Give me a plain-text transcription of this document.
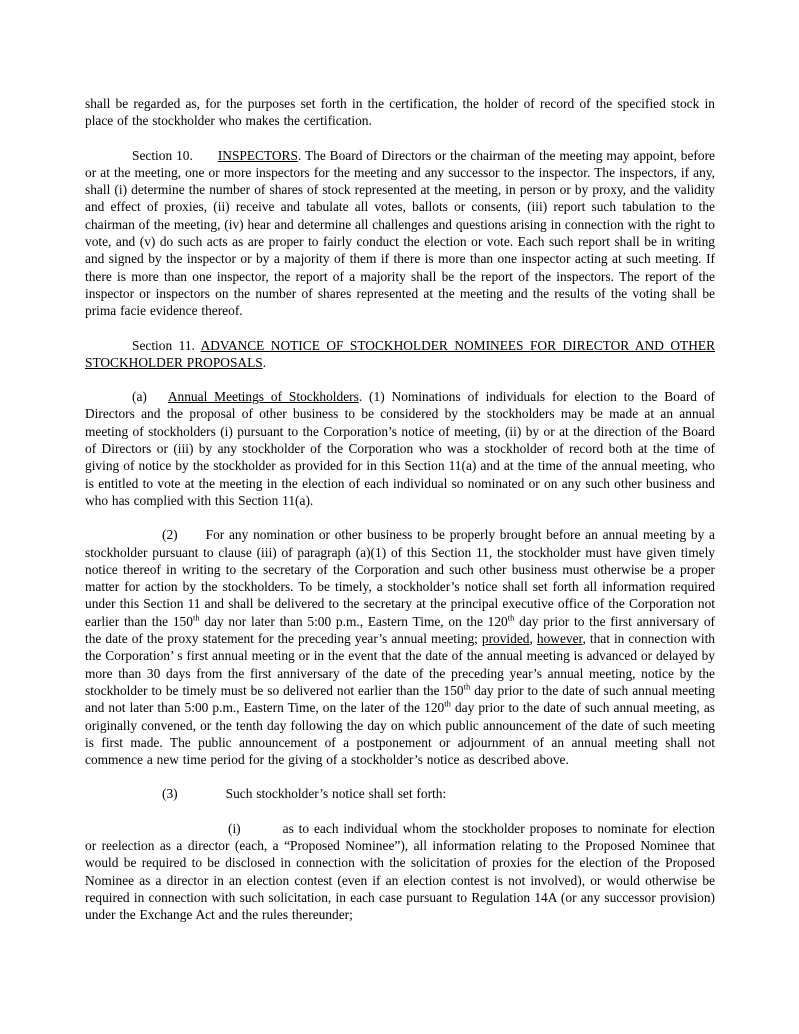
shall be regarded as, for the purposes set forth in the certification, the holder of record of the specified stock in place of the stockholder who makes the certification.

Section 10. INSPECTORS. The Board of Directors or the chairman of the meeting may appoint, before or at the meeting, one or more inspectors for the meeting and any successor to the inspector. The inspectors, if any, shall (i) determine the number of shares of stock represented at the meeting, in person or by proxy, and the validity and effect of proxies, (ii) receive and tabulate all votes, ballots or consents, (iii) report such tabulation to the chairman of the meeting, (iv) hear and determine all challenges and questions arising in connection with the right to vote, and (v) do such acts as are proper to fairly conduct the election or vote. Each such report shall be in writing and signed by the inspector or by a majority of them if there is more than one inspector acting at such meeting. If there is more than one inspector, the report of a majority shall be the report of the inspectors. The report of the inspector or inspectors on the number of shares represented at the meeting and the results of the voting shall be prima facie evidence thereof.

Section 11. ADVANCE NOTICE OF STOCKHOLDER NOMINEES FOR DIRECTOR AND OTHER STOCKHOLDER PROPOSALS.

(a) Annual Meetings of Stockholders. (1) Nominations of individuals for election to the Board of Directors and the proposal of other business to be considered by the stockholders may be made at an annual meeting of stockholders (i) pursuant to the Corporation’s notice of meeting, (ii) by or at the direction of the Board of Directors or (iii) by any stockholder of the Corporation who was a stockholder of record both at the time of giving of notice by the stockholder as provided for in this Section 11(a) and at the time of the annual meeting, who is entitled to vote at the meeting in the election of each individual so nominated or on any such other business and who has complied with this Section 11(a).

(2) For any nomination or other business to be properly brought before an annual meeting by a stockholder pursuant to clause (iii) of paragraph (a)(1) of this Section 11, the stockholder must have given timely notice thereof in writing to the secretary of the Corporation and such other business must otherwise be a proper matter for action by the stockholders. To be timely, a stockholder’s notice shall set forth all information required under this Section 11 and shall be delivered to the secretary at the principal executive office of the Corporation not earlier than the 150th day nor later than 5:00 p.m., Eastern Time, on the 120th day prior to the first anniversary of the date of the proxy statement for the preceding year’s annual meeting; provided, however, that in connection with the Corporation’ s first annual meeting or in the event that the date of the annual meeting is advanced or delayed by more than 30 days from the first anniversary of the date of the preceding year’s annual meeting, notice by the stockholder to be timely must be so delivered not earlier than the 150th day prior to the date of such annual meeting and not later than 5:00 p.m., Eastern Time, on the later of the 120th day prior to the date of such annual meeting, as originally convened, or the tenth day following the day on which public announcement of the date of such meeting is first made. The public announcement of a postponement or adjournment of an annual meeting shall not commence a new time period for the giving of a stockholder’s notice as described above.

(3)	Such stockholder’s notice shall set forth:

(i)	as to each individual whom the stockholder proposes to nominate for election or reelection as a director (each, a “Proposed Nominee”), all information relating to the Proposed Nominee that would be required to be disclosed in connection with the solicitation of proxies for the election of the Proposed Nominee as a director in an election contest (even if an election contest is not involved), or would otherwise be required in connection with such solicitation, in each case pursuant to Regulation 14A (or any successor provision) under the Exchange Act and the rules thereunder;
